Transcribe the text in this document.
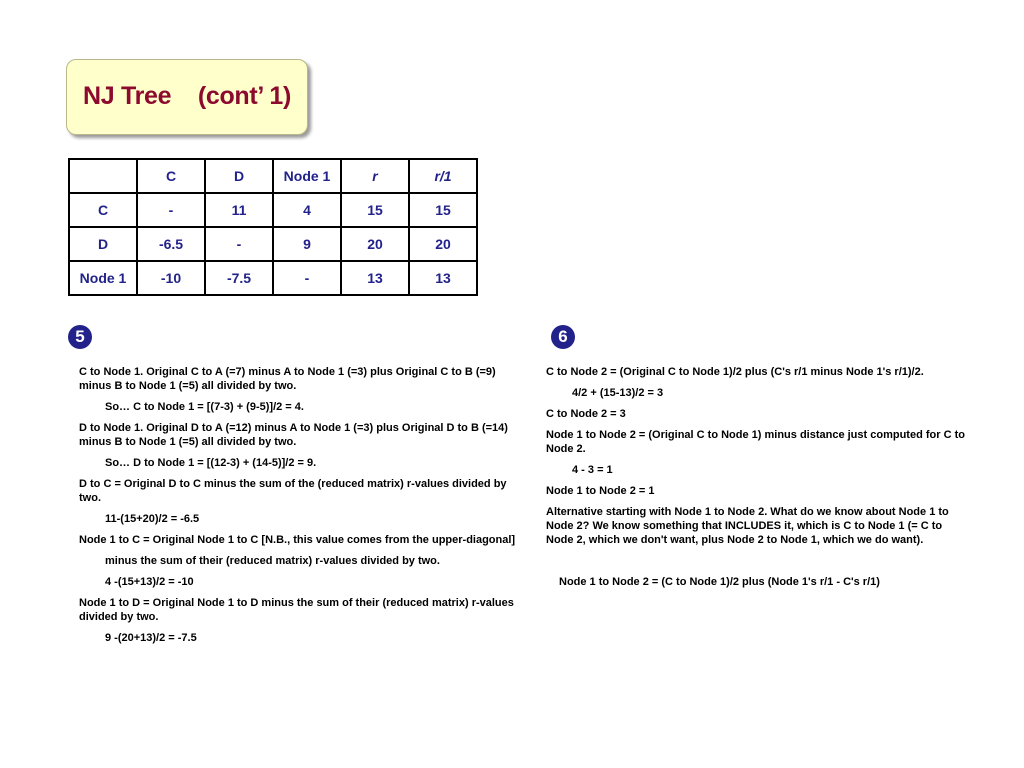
NJ Tree (cont’ 1)
	C	D	Node 1	r	r/1
C	-	11	4	15	15
D	-6.5	-	9	20	20
Node 1	-10	-7.5	-	13	13
5	6

C to Node 1. Original C to A (=7) minus A to Node 1 (=3) plus Original C to B (=9) minus B to Node 1 (=5) all divided by two.

So… C to Node 1 = [(7-3) + (9-5)]/2 = 4.

D to Node 1. Original D to A (=12) minus A to Node 1 (=3) plus Original D to B (=14) minus B to Node 1 (=5) all divided by two.

So… D to Node 1 = [(12-3) + (14-5)]/2 = 9.

D to C = Original D to C minus the sum of the (reduced matrix) r-values divided by two.

11-(15+20)/2 = -6.5

Node 1 to C = Original Node 1 to C [N.B., this value comes from the upper-diagonal]

minus the sum of their (reduced matrix) r-values divided by two.

4 -(15+13)/2 = -10

Node 1 to D = Original Node 1 to D minus the sum of their (reduced matrix) r-values divided by two.

9 -(20+13)/2 = -7.5

C to Node 2 = (Original C to Node 1)/2 plus (C's r/1 minus Node 1's r/1)/2.

4/2 + (15-13)/2 = 3

C to Node 2 = 3

Node 1 to Node 2 = (Original C to Node 1) minus distance just computed for C to Node 2.

4 - 3 = 1

Node 1 to Node 2 = 1

Alternative starting with Node 1 to Node 2. What do we know about Node 1 to Node 2? We know something that INCLUDES it, which is C to Node 1 (= C to Node 2, which we don't want, plus Node 2 to Node 1, which we do want).

Node 1 to Node 2 = (C to Node 1)/2 plus (Node 1's r/1 - C's r/1)
